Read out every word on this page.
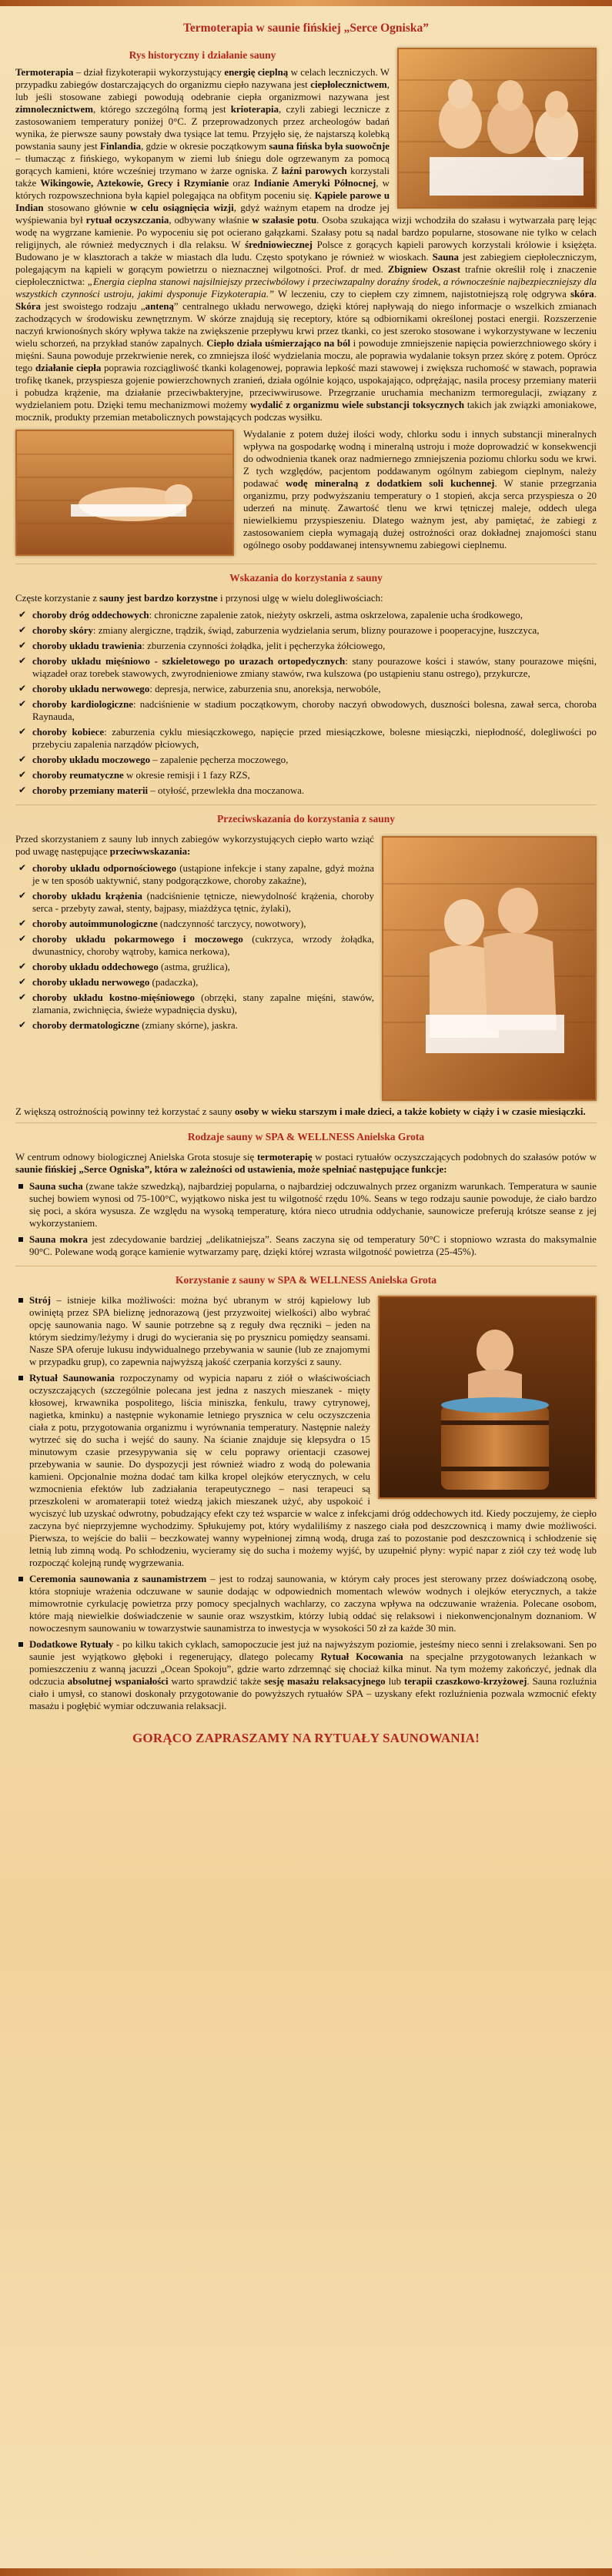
Termoterapia w saunie fińskiej „Serce Ogniska”
Rys historyczny i działanie sauny

Termoterapia – dział fizykoterapii wykorzystujący energię cieplną w celach leczniczych. W przypadku zabiegów dostarczających do organizmu ciepło nazywana jest ciepłolecznictwem, lub jeśli stosowane zabiegi powodują odebranie ciepła organizmowi nazywana jest zimnolecznictwem, którego szczególną formą jest krioterapia, czyli zabiegi lecznicze z zastosowaniem temperatury poniżej 0°C. Z przeprowadzonych przez archeologów badań wynika, że pierwsze sauny powstały dwa tysiące lat temu. Przyjęło się, że najstarszą kolebką powstania sauny jest Finlandia, gdzie w okresie początkowym sauna fińska była suowočnje – tłumacząc z fińskiego, wykopanym w ziemi lub śniegu dole ogrzewanym za pomocą gorących kamieni, które wcześniej trzymano w żarze ogniska. Z łaźni parowych korzystali także Wikingowie, Aztekowie, Grecy i Rzymianie oraz Indianie Ameryki Północnej, w których rozpowszechniona była kąpiel polegająca na obfitym poceniu się. Kąpiele parowe u Indian stosowano głównie w celu osiągnięcia wizji, gdyż ważnym etapem na drodze jej wyśpiewania był rytuał oczyszczania, odbywany właśnie w szałasie potu. Osoba szukająca wizji wchodziła do szałasu i wytwarzała parę lejąc wodę na wygrzane kamienie. Po wypoceniu się pot ocierano gałązkami. Szałasy potu są nadal bardzo popularne, stosowane nie tylko w celach religijnych, ale również medycznych i dla relaksu. W średniowiecznej Polsce z gorących kąpieli parowych korzystali królowie i księżęta. Budowano je w klasztorach a także w miastach dla ludu. Często spotykano je również w wioskach. Sauna jest zabiegiem ciepłoleczniczym, polegającym na kąpieli w gorącym powietrzu o nieznacznej wilgotności. Prof. dr med. Zbigniew Oszast trafnie określił rolę i znaczenie ciepłolecznictwa: „Energia cieplna stanowi najsilniejszy przeciwbólowy i przeciwzapalny doraźny środek, a równocześnie najbezpieczniejszy dla wszystkich czynności ustroju, jakimi dysponuje Fizykoterapia.” W leczeniu, czy to ciepłem czy zimnem, najistotniejszą rolę odgrywa skóra. Skóra jest swoistego rodzaju „anteną” centralnego układu nerwowego, dzięki której napływają do niego informacje o wszelkich zmianach zachodzących w środowisku zewnętrznym. W skórze znajdują się receptory, które są odbiornikami określonej postaci energii. Rozszerzenie naczyń krwionośnych skóry wpływa także na zwiększenie przepływu krwi przez tkanki, co jest szeroko stosowane i wykorzystywane w leczeniu wielu schorzeń, na przykład stanów zapalnych. Ciepło działa uśmierzająco na ból i powoduje zmniejszenie napięcia powierzchniowego skóry i mięśni. Sauna powoduje przekrwienie nerek, co zmniejsza ilość wydzielania moczu, ale poprawia wydalanie toksyn przez skórę z potem. Oprócz tego działanie ciepła poprawia rozciągliwość tkanki kolagenowej, poprawia lepkość mazi stawowej i zwiększa ruchomość w stawach, poprawia trofikę tkanek, przyspiesza gojenie powierzchownych zranień, działa ogólnie kojąco, uspokajająco, odprężając, nasila procesy przemiany materii i pobudza krążenie, ma działanie przeciwbakteryjne, przeciwwirusowe. Przegrzanie uruchamia mechanizm termoregulacji, związany z wydzielaniem potu. Dzięki temu mechanizmowi możemy wydalić z organizmu wiele substancji toksycznych takich jak związki amoniakowe, mocznik, produkty przemian metabolicznych powstających podczas wysiłku.

Wydalanie z potem dużej ilości wody, chlorku sodu i innych substancji mineralnych wpływa na gospodarkę wodną i mineralną ustroju i może doprowadzić w konsekwencji do odwodnienia tkanek oraz nadmiernego zmniejszenia poziomu chlorku sodu we krwi. Z tych względów, pacjentom poddawanym ogólnym zabiegom cieplnym, należy podawać wodę mineralną z dodatkiem soli kuchennej. W stanie przegrzania organizmu, przy podwyższaniu temperatury o 1 stopień, akcja serca przyspiesza o 20 uderzeń na minutę. Zawartość tlenu we krwi tętniczej maleje, oddech ulega niewielkiemu przyspieszeniu. Dlatego ważnym jest, aby pamiętać, że zabiegi z zastosowaniem ciepła wymagają dużej ostrożności oraz dokładnej znajomości stanu ogólnego osoby poddawanej intensywnemu zabiegowi cieplnemu.

Wskazania do korzystania z sauny

Częste korzystanie z sauny jest bardzo korzystne i przynosi ulgę w wielu dolegliwościach:

✔ choroby dróg oddechowych: chroniczne zapalenie zatok, nieżyty oskrzeli, astma oskrzelowa, zapalenie ucha środkowego,
✔ choroby skóry: zmiany alergiczne, trądzik, świąd, zaburzenia wydzielania serum, blizny pourazowe i pooperacyjne, łuszczyca,
✔ choroby układu trawienia: zburzenia czynności żołądka, jelit i pęcherzyka żółciowego,
✔ choroby układu mięśniowo - szkieletowego po urazach ortopedycznych: stany pourazowe kości i stawów, stany pourazowe mięśni, wiązadeł oraz torebek stawowych, zwyrodnieniowe zmiany stawów, rwa kulszowa (po ustąpieniu stanu ostrego), przykurcze,
✔ choroby układu nerwowego: depresja, nerwice, zaburzenia snu, anoreksja, nerwobóle,
✔ choroby kardiologiczne: nadciśnienie w stadium początkowym, choroby naczyń obwodowych, duszności bolesna, zawał serca, choroba Raynauda,
✔ choroby kobiece: zaburzenia cyklu miesiączkowego, napięcie przed miesiączkowe, bolesne miesiączki, niepłodność, dolegliwości po przebyciu zapalenia narządów płciowych,
✔ choroby układu moczowego – zapalenie pęcherza moczowego,
✔ choroby reumatyczne w okresie remisji i 1 fazy RZS,
✔ choroby przemiany materii – otyłość, przewlekła dna moczanowa.
Przeciwskazania do korzystania z sauny

Przed skorzystaniem z sauny lub innych zabiegów wykorzystujących ciepło warto wziąć pod uwagę następujące przeciwwskazania:

✔ choroby układu odpornościowego (ustąpione infekcje i stany zapalne, gdyż można je w ten sposób uaktywnić, stany podgorączkowe, choroby zakaźne),
✔ choroby układu krążenia (nadciśnienie tętnicze, niewydolność krążenia, choroby serca - przebyty zawał, stenty, bajpasy, miażdżyca tętnic, żylaki),
✔ choroby autoimmunologiczne (nadczynność tarczycy, nowotwory),
✔ choroby układu pokarmowego i moczowego (cukrzyca, wrzody żołądka, dwunastnicy, choroby wątroby, kamica nerkowa),
✔ choroby układu oddechowego (astma, gruźlica),
✔ choroby układu nerwowego (padaczka),
✔ choroby układu kostno-mięśniowego (obrzęki, stany zapalne mięśni, stawów, zlamania, zwichnięcia, świeże wypadnięcia dysku),
✔ choroby dermatologiczne (zmiany skórne), jaskra.

Z większą ostrożnością powinny też korzystać z sauny osoby w wieku starszym i małe dzieci, a także kobiety w ciąży i w czasie miesiączki.

Rodzaje sauny w SPA & WELLNESS Anielska Grota

W centrum odnowy biologicznej Anielska Grota stosuje się termoterapię w postaci rytuałów oczyszczających podobnych do szałasów potów w saunie fińskiej „Serce Ogniska”, która w zależności od ustawienia, może spełniać następujące funkcje:

Sauna sucha (zwane także szwedzką), najbardziej popularna, o najbardziej odczuwalnych przez organizm warunkach. Temperatura w saunie suchej bowiem wynosi od 75-100°C, wyjątkowo niska jest tu wilgotność rzędu 10%. Seans w tego rodzaju saunie powoduje, że ciało bardzo się poci, a skóra wysusza. Ze względu na wysoką temperaturę, która nieco utrudnia oddychanie, saunowicze preferują krótsze seanse z jej wykorzystaniem.
Sauna mokra jest zdecydowanie bardziej „delikatniejsza”. Seans zaczyna się od temperatury 50°C i stopniowo wzrasta do maksymalnie 90°C. Polewane wodą gorące kamienie wytwarzamy parę, dzięki której wzrasta wilgotność powietrza (25-45%).
Korzystanie z sauny w SPA & WELLNESS Anielska Grota
Strój – istnieje kilka możliwości: można być ubranym w strój kąpielowy lub owiniętą przez SPA bieliznę jednorazową (jest przyzwoitej wielkości) albo wybrać opcję saunowania nago. W saunie potrzebne są z reguły dwa ręczniki – jeden na którym siedzimy/leżymy i drugi do wycierania się po prysznicu pomiędzy seansami. Nasze SPA oferuje lukusu indywidualnego przebywania w saunie (lub ze znajomymi w przypadku grup), co zapewnia najwyższą jakość czerpania korzyści z sauny.
Rytuał Saunowania rozpoczynamy od wypicia naparu z ziół o właściwościach oczyszczających (szczególnie polecana jest jedna z naszych mieszanek - mięty kłosowej, krwawnika pospolitego, liścia miniszka, fenkulu, trawy cytrynowej, nagietka, kminku) a następnie wykonamie letniego prysznica w celu oczyszczenia ciała z potu, przygotowania organizmu i wyrównania temperatury. Następnie należy wytrzeć się do sucha i wejść do sauny. Na ścianie znajduje się klepsydra o 15 minutowym czasie przesypywania się w celu poprawy orientacji czasowej przebywania w saunie. Do dyspozycji jest również wiadro z wodą do polewania kamieni. Opcjonalnie można dodać tam kilka kropel olejków eterycznych, w celu wzmocnienia efektów lub zadziałania terapeutycznego – nasi terapeuci są przeszkoleni w aromaterapii toteż wiedzą jakich mieszanek użyć, aby uspokoić i wyciszyć lub uzyskać odwrotny, pobudzający efekt czy też wsparcie w walce z infekcjami dróg oddechowych itd. Kiedy poczujemy, że ciepło zaczyna być nieprzyjemne wychodzimy. Spłukujemy pot, który wydaliliśmy z naszego ciała pod deszczownicą i mamy dwie możliwości. Pierwsza, to wejście do balii – beczkowatej wanny wypełnionej zimną wodą, druga zaś to pozostanie pod deszczownicą i schłodzenie się letnią lub zimną wodą. Po schłodzeniu, wycieramy się do sucha i możemy wyjść, by uzupełnić płyny: wypić napar z ziół czy też wodę lub rozpocząć kolejną rundę wygrzewania.
Ceremonia saunowania z saunamistrzem – jest to rodzaj saunowania, w którym cały proces jest sterowany przez doświadczoną osobę, która stopniuje wrażenia odczuwane w saunie dodając w odpowiednich momentach wlewów wodnych i olejków eterycznych, a także mimowrotnie cyrkulację powietrza przy pomocy specjalnych wachlarzy, co zaczyna wpływa na odczuwanie wrażenia. Polecane osobom, które mają niewielkie doświadczenie w saunie oraz wszystkim, którzy lubią oddać się relaksowi i niekonwencjonalnym doznaniom. W nowoczesnym saunowaniu w towarzystwie saunamistrza to inwestycja w wysokości 50 zł za każde 30 min.
Dodatkowe Rytuały - po kilku takich cyklach, samopoczucie jest już na najwyższym poziomie, jesteśmy nieco senni i zrelaksowani. Sen po saunie jest wyjątkowo głęboki i regenerujący, dlatego polecamy Rytuał Kocowania na specjalne przygotowanych leżankach w pomieszczeniu z wanną jacuzzi „Ocean Spokoju”, gdzie warto zdrzemnąć się chociaż kilka minut. Na tym możemy zakończyć, jednak dla odczucia absolutnej wspaniałości warto sprawdzić także sesję masażu relaksacyjnego lub terapii czaszkowo-krzyżowej. Sauna rozluźnia ciało i umysł, co stanowi doskonały przygotowanie do powyższych rytuałów SPA – uzyskany efekt rozluźnienia pozwala wzmocnić efekty masażu i pogłębić wymiar odczuwania relaksacji.
GORĄCO ZAPRASZAMY NA RYTUAŁY SAUNOWANIA!
